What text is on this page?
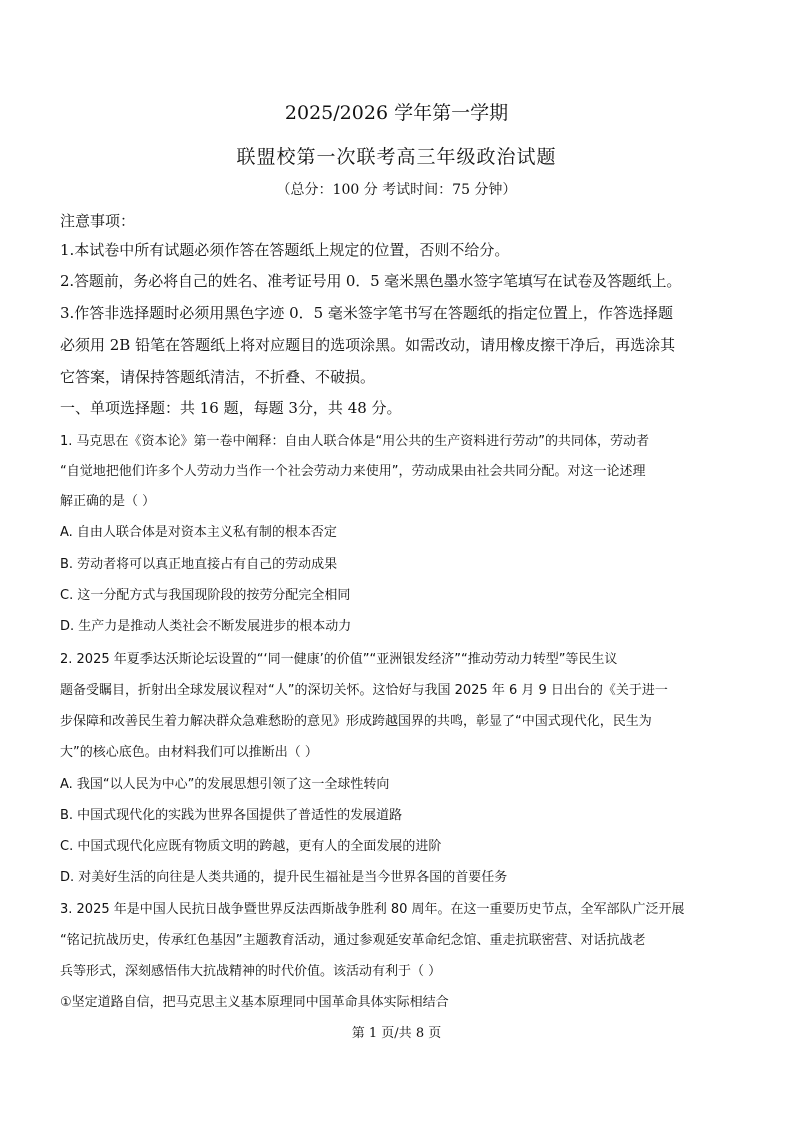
2025/2026 学年第一学期
联盟校第一次联考高三年级政治试题
（总分：100 分 考试时间：75 分钟）
注意事项：
1.本试卷中所有试题必须作答在答题纸上规定的位置，否则不给分。
2.答题前，务必将自己的姓名、准考证号用 0．5 毫米黑色墨水签字笔填写在试卷及答题纸上。
3.作答非选择题时必须用黑色字迹 0．5 毫米签字笔书写在答题纸的指定位置上，作答选择题
必须用 2B 铅笔在答题纸上将对应题目的选项涂黑。如需改动，请用橡皮擦干净后，再选涂其
它答案，请保持答题纸清洁，不折叠、不破损。
一、单项选择题：共 16 题，每题 3分，共 48 分。
1. 马克思在《资本论》第一卷中阐释：自由人联合体是“用公共的生产资料进行劳动”的共同体，劳动者
“自觉地把他们许多个人劳动力当作一个社会劳动力来使用”，劳动成果由社会共同分配。对这一论述理
解正确的是（ ）
A. 自由人联合体是对资本主义私有制的根本否定
B. 劳动者将可以真正地直接占有自己的劳动成果
C. 这一分配方式与我国现阶段的按劳分配完全相同
D. 生产力是推动人类社会不断发展进步的根本动力
2. 2025 年夏季达沃斯论坛设置的“‘同一健康’的价值”“亚洲银发经济”“推动劳动力转型”等民生议
题备受瞩目，折射出全球发展议程对“人”的深切关怀。这恰好与我国 2025 年 6 月 9 日出台的《关于进一
步保障和改善民生着力解决群众急难愁盼的意见》形成跨越国界的共鸣，彰显了“中国式现代化，民生为
大”的核心底色。由材料我们可以推断出（ ）
A. 我国“以人民为中心”的发展思想引领了这一全球性转向
B. 中国式现代化的实践为世界各国提供了普适性的发展道路
C. 中国式现代化应既有物质文明的跨越，更有人的全面发展的进阶
D. 对美好生活的向往是人类共通的，提升民生福祉是当今世界各国的首要任务
3. 2025 年是中国人民抗日战争暨世界反法西斯战争胜利 80 周年。在这一重要历史节点，全军部队广泛开展
“铭记抗战历史，传承红色基因”主题教育活动，通过参观延安革命纪念馆、重走抗联密营、对话抗战老
兵等形式，深刻感悟伟大抗战精神的时代价值。该活动有利于（ ）
①坚定道路自信，把马克思主义基本原理同中国革命具体实际相结合
第 1 页/共 8 页
